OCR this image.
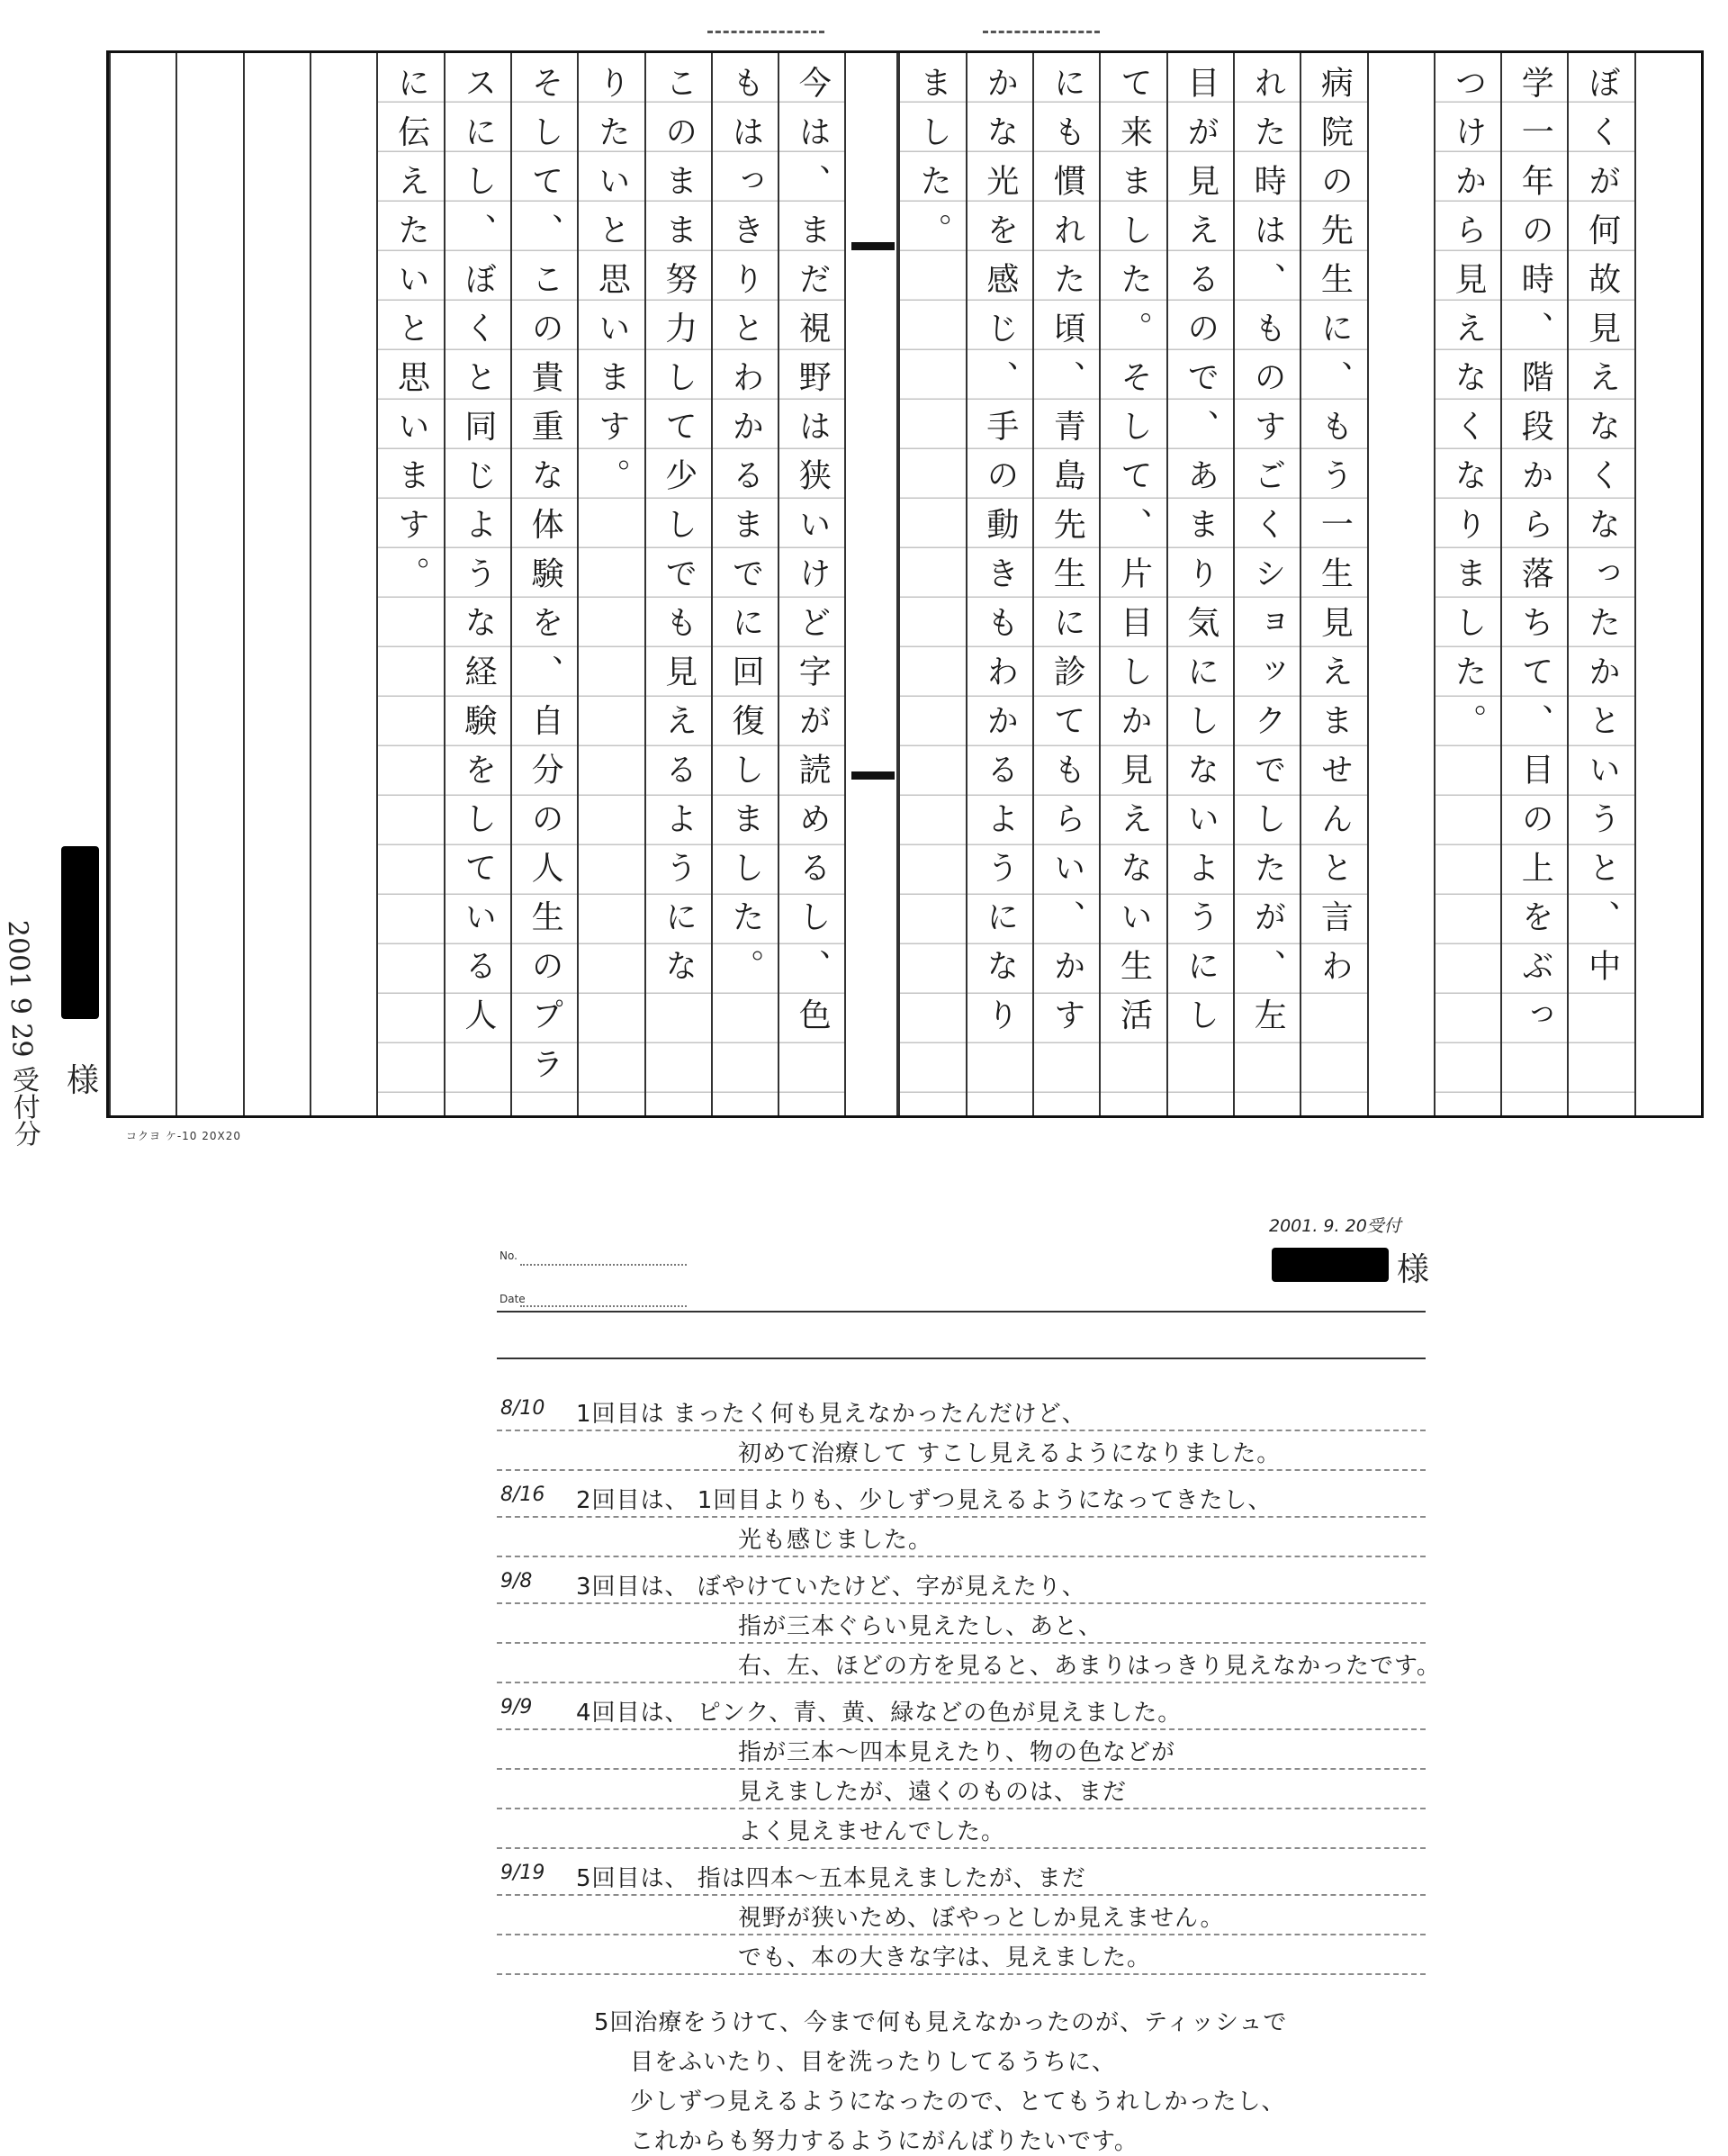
ぼくが何故見えなくなったかというと、中
学一年の時、階段から落ちて、目の上をぶっ
つけから見えなくなりました。
病院の先生に、もう一生見えませんと言わ
れた時は、ものすごくショックでしたが、左
目が見えるので、あまり気にしないようにし
て来ました。そして、片目しか見えない生活
にも慣れた頃、青島先生に診てもらい、かす
かな光を感じ、手の動きもわかるようになり
ました。
今は、まだ視野は狭いけど字が読めるし、色
もはっきりとわかるまでに回復しました。
このまま努力して少しでも見えるようにな
りたいと思います。
そして、この貴重な体験を、自分の人生のプラ
スにし、ぼくと同じような経験をしている人
に伝えたいと思います。
コクヨ ケ-10 20X20
2001 9 29 受付分 様
2001. 9. 20受付
様
No.
Date
8/10 1回目は まったく何も見えなかったんだけど、
初めて治療して すこし見えるようになりました。
8/16 2回目は、 1回目よりも、少しずつ見えるようになってきたし、
光も感じました。
9/8 3回目は、 ぼやけていたけど、字が見えたり、
指が三本ぐらい見えたし、あと、
右、左、ほどの方を見ると、あまりはっきり見えなかったです。
9/9 4回目は、 ピンク、青、黄、緑などの色が見えました。
指が三本～四本見えたり、物の色などが
見えましたが、遠くのものは、まだ
よく見えませんでした。
9/19 5回目は、 指は四本～五本見えましたが、まだ
視野が狭いため、ぼやっとしか見えません。
でも、本の大きな字は、見えました。
5回治療をうけて、今まで何も見えなかったのが、ティッシュで
目をふいたり、目を洗ったりしてるうちに、
少しずつ見えるようになったので、とてもうれしかったし、
これからも努力するようにがんばりたいです。
